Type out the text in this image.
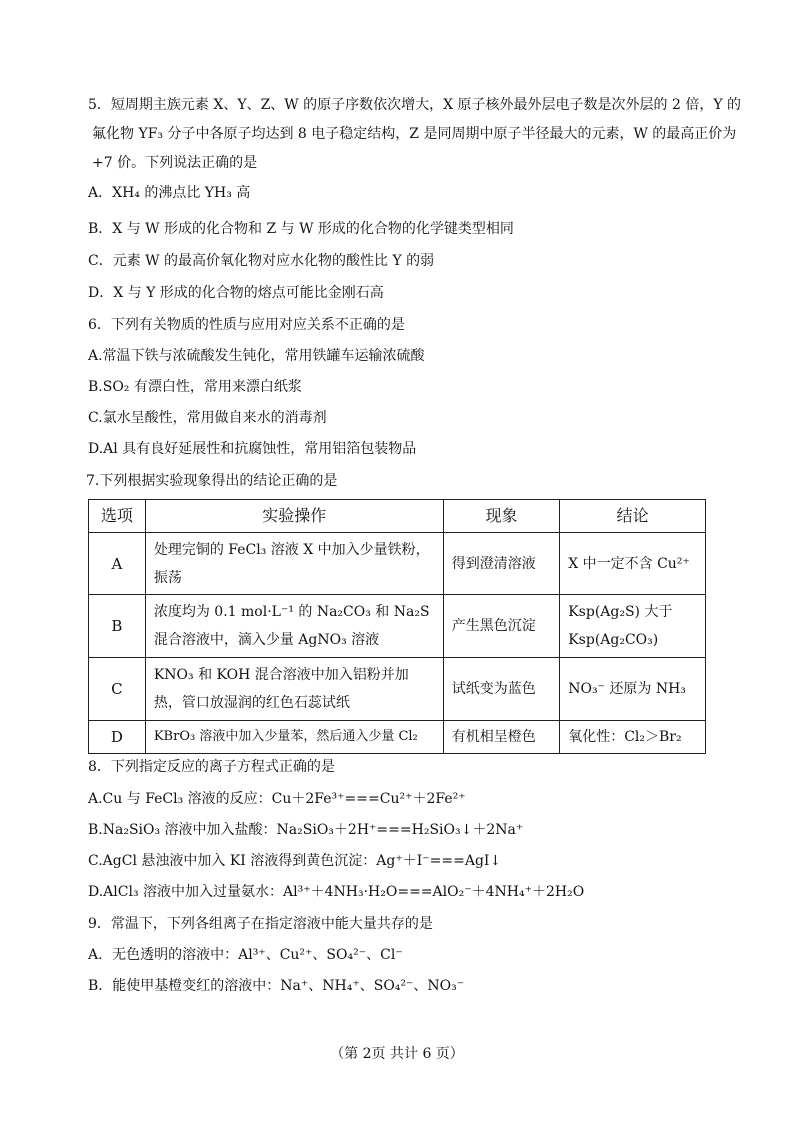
5．短周期主族元素 X、Y、Z、W 的原子序数依次增大，X 原子核外最外层电子数是次外层的 2 倍，Y 的
氟化物 YF₃ 分子中各原子均达到 8 电子稳定结构，Z 是同周期中原子半径最大的元素，W 的最高正价为
+7 价。下列说法正确的是
A．XH₄ 的沸点比 YH₃ 高
B．X 与 W 形成的化合物和 Z 与 W 形成的化合物的化学键类型相同
C．元素 W 的最高价氧化物对应水化物的酸性比 Y 的弱
D．X 与 Y 形成的化合物的熔点可能比金刚石高
6．下列有关物质的性质与应用对应关系不正确的是
A.常温下铁与浓硫酸发生钝化，常用铁罐车运输浓硫酸
B.SO₂ 有漂白性，常用来漂白纸浆
C.氯水呈酸性，常用做自来水的消毒剂
D.Al 具有良好延展性和抗腐蚀性，常用铝箔包装物品
7.下列根据实验现象得出的结论正确的是
选项	实验操作	现象	结论
A	处理完铜的 FeCl₃ 溶液 X 中加入少量铁粉，振荡	得到澄清溶液	X 中一定不含 Cu²⁺
B	浓度均为 0.1 mol·L⁻¹ 的 Na₂CO₃ 和 Na₂S 混合溶液中，滴入少量 AgNO₃ 溶液	产生黑色沉淀	Ksp(Ag₂S) 大于 Ksp(Ag₂CO₃)
C	KNO₃ 和 KOH 混合溶液中加入铝粉并加热，管口放湿润的红色石蕊试纸	试纸变为蓝色	NO₃⁻ 还原为 NH₃
D	KBrO₃ 溶液中加入少量苯，然后通入少量 Cl₂	有机相呈橙色	氧化性：Cl₂＞Br₂
8．下列指定反应的离子方程式正确的是
A.Cu 与 FeCl₃ 溶液的反应：Cu＋2Fe³⁺===Cu²⁺＋2Fe²⁺
B.Na₂SiO₃ 溶液中加入盐酸：Na₂SiO₃＋2H⁺===H₂SiO₃↓＋2Na⁺
C.AgCl 悬浊液中加入 KI 溶液得到黄色沉淀：Ag⁺＋I⁻===AgI↓
D.AlCl₃ 溶液中加入过量氨水：Al³⁺＋4NH₃·H₂O===AlO₂⁻＋4NH₄⁺＋2H₂O
9．常温下，下列各组离子在指定溶液中能大量共存的是
A．无色透明的溶液中：Al³⁺、Cu²⁺、SO₄²⁻、Cl⁻
B．能使甲基橙变红的溶液中：Na⁺、NH₄⁺、SO₄²⁻、NO₃⁻
（第 2页 共计 6 页）
